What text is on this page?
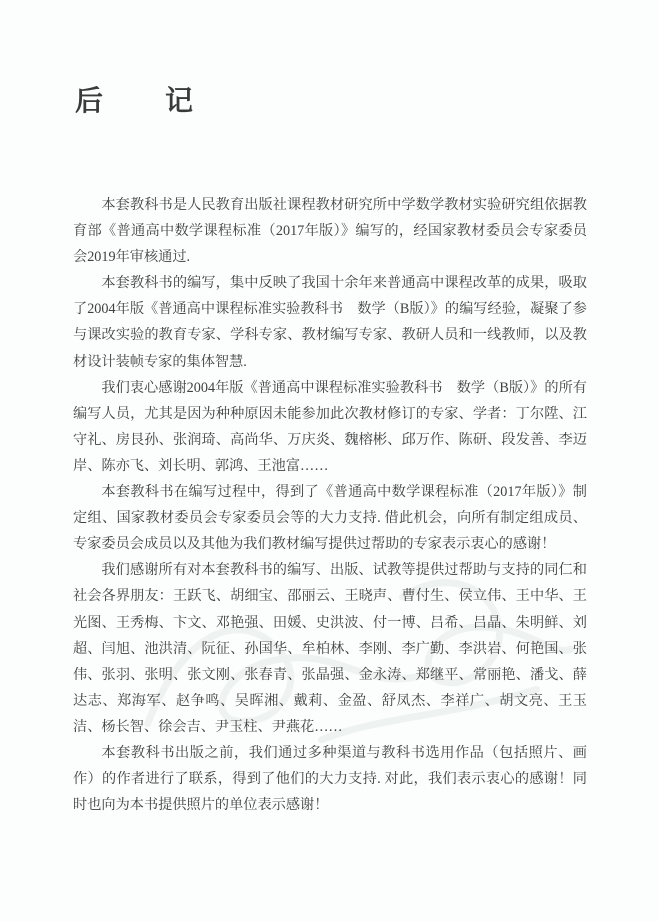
后　　记

本套教科书是人民教育出版社课程教材研究所中学数学教材实验研究组依据教育部《普通高中数学课程标准（2017年版）》编写的，经国家教材委员会专家委员会2019年审核通过.

本套教科书的编写，集中反映了我国十余年来普通高中课程改革的成果，吸取了2004年版《普通高中课程标准实验教科书　数学（B版）》的编写经验，凝聚了参与课改实验的教育专家、学科专家、教材编写专家、教研人员和一线教师，以及教材设计装帧专家的集体智慧.

我们衷心感谢2004年版《普通高中课程标准实验教科书　数学（B版）》的所有编写人员，尤其是因为种种原因未能参加此次教材修订的专家、学者：丁尔陞、江守礼、房艮孙、张润琦、高尚华、万庆炎、魏榕彬、邱万作、陈研、段发善、李迈岸、陈亦飞、刘长明、郭鸿、王池富……

本套教科书在编写过程中，得到了《普通高中数学课程标准（2017年版）》制定组、国家教材委员会专家委员会等的大力支持. 借此机会，向所有制定组成员、专家委员会成员以及其他为我们教材编写提供过帮助的专家表示衷心的感谢！

我们感谢所有对本套教科书的编写、出版、试教等提供过帮助与支持的同仁和社会各界朋友：王跃飞、胡细宝、邵丽云、王晓声、曹付生、侯立伟、王中华、王光图、王秀梅、卞文、邓艳强、田媛、史洪波、付一博、吕希、吕晶、朱明鲜、刘超、闫旭、池洪清、阮征、孙国华、牟柏林、李刚、李广勤、李洪岩、何艳国、张伟、张羽、张明、张文刚、张春青、张晶强、金永涛、郑继平、常丽艳、潘戈、薛达志、郑海军、赵争鸣、吴晖湘、戴莉、金盈、舒凤杰、李祥广、胡文亮、王玉洁、杨长智、徐会吉、尹玉柱、尹燕花……

本套教科书出版之前，我们通过多种渠道与教科书选用作品（包括照片、画作）的作者进行了联系，得到了他们的大力支持. 对此，我们表示衷心的感谢！同时也向为本书提供照片的单位表示感谢！
